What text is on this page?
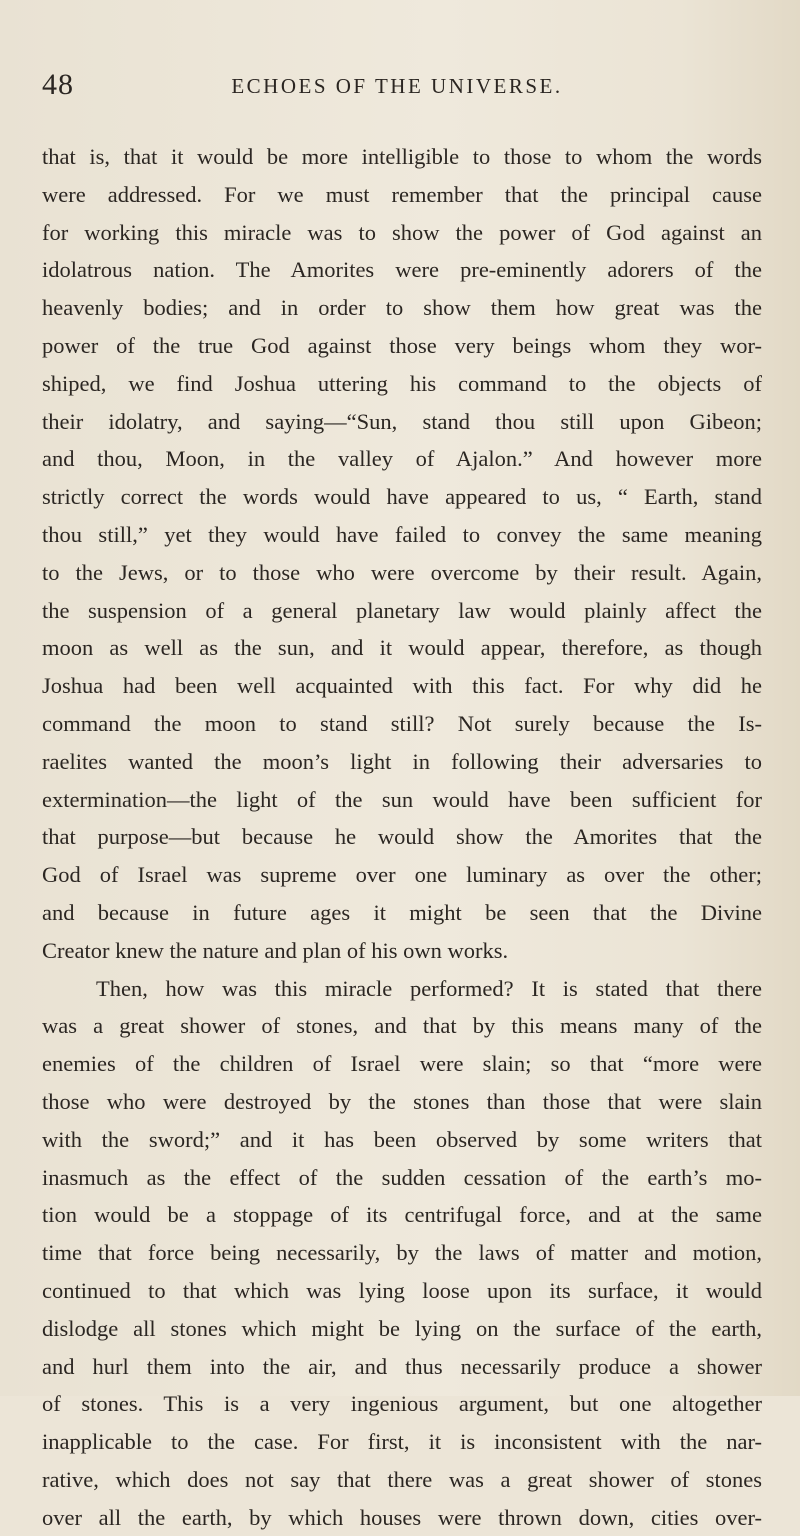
48	ECHOES OF THE UNIVERSE.
that is, that it would be more intelligible to those to whom the words
were addressed. For we must remember that the principal cause
for working this miracle was to show the power of God against an
idolatrous nation. The Amorites were pre-eminently adorers of the
heavenly bodies; and in order to show them how great was the
power of the true God against those very beings whom they wor-
shiped, we find Joshua uttering his command to the objects of
their idolatry, and saying—“Sun, stand thou still upon Gibeon;
and thou, Moon, in the valley of Ajalon.” And however more
strictly correct the words would have appeared to us, “ Earth, stand
thou still,” yet they would have failed to convey the same meaning
to the Jews, or to those who were overcome by their result. Again,
the suspension of a general planetary law would plainly affect the
moon as well as the sun, and it would appear, therefore, as though
Joshua had been well acquainted with this fact. For why did he
command the moon to stand still? Not surely because the Is-
raelites wanted the moon’s light in following their adversaries to
extermination—the light of the sun would have been sufficient for
that purpose—but because he would show the Amorites that the
God of Israel was supreme over one luminary as over the other;
and because in future ages it might be seen that the Divine
Creator knew the nature and plan of his own works.
Then, how was this miracle performed? It is stated that there
was a great shower of stones, and that by this means many of the
enemies of the children of Israel were slain; so that “more were
those who were destroyed by the stones than those that were slain
with the sword;” and it has been observed by some writers that
inasmuch as the effect of the sudden cessation of the earth’s mo-
tion would be a stoppage of its centrifugal force, and at the same
time that force being necessarily, by the laws of matter and motion,
continued to that which was lying loose upon its surface, it would
dislodge all stones which might be lying on the surface of the earth,
and hurl them into the air, and thus necessarily produce a shower
of stones. This is a very ingenious argument, but one altogether
inapplicable to the case. For first, it is inconsistent with the nar-
rative, which does not say that there was a great shower of stones
over all the earth, by which houses were thrown down, cities over-
